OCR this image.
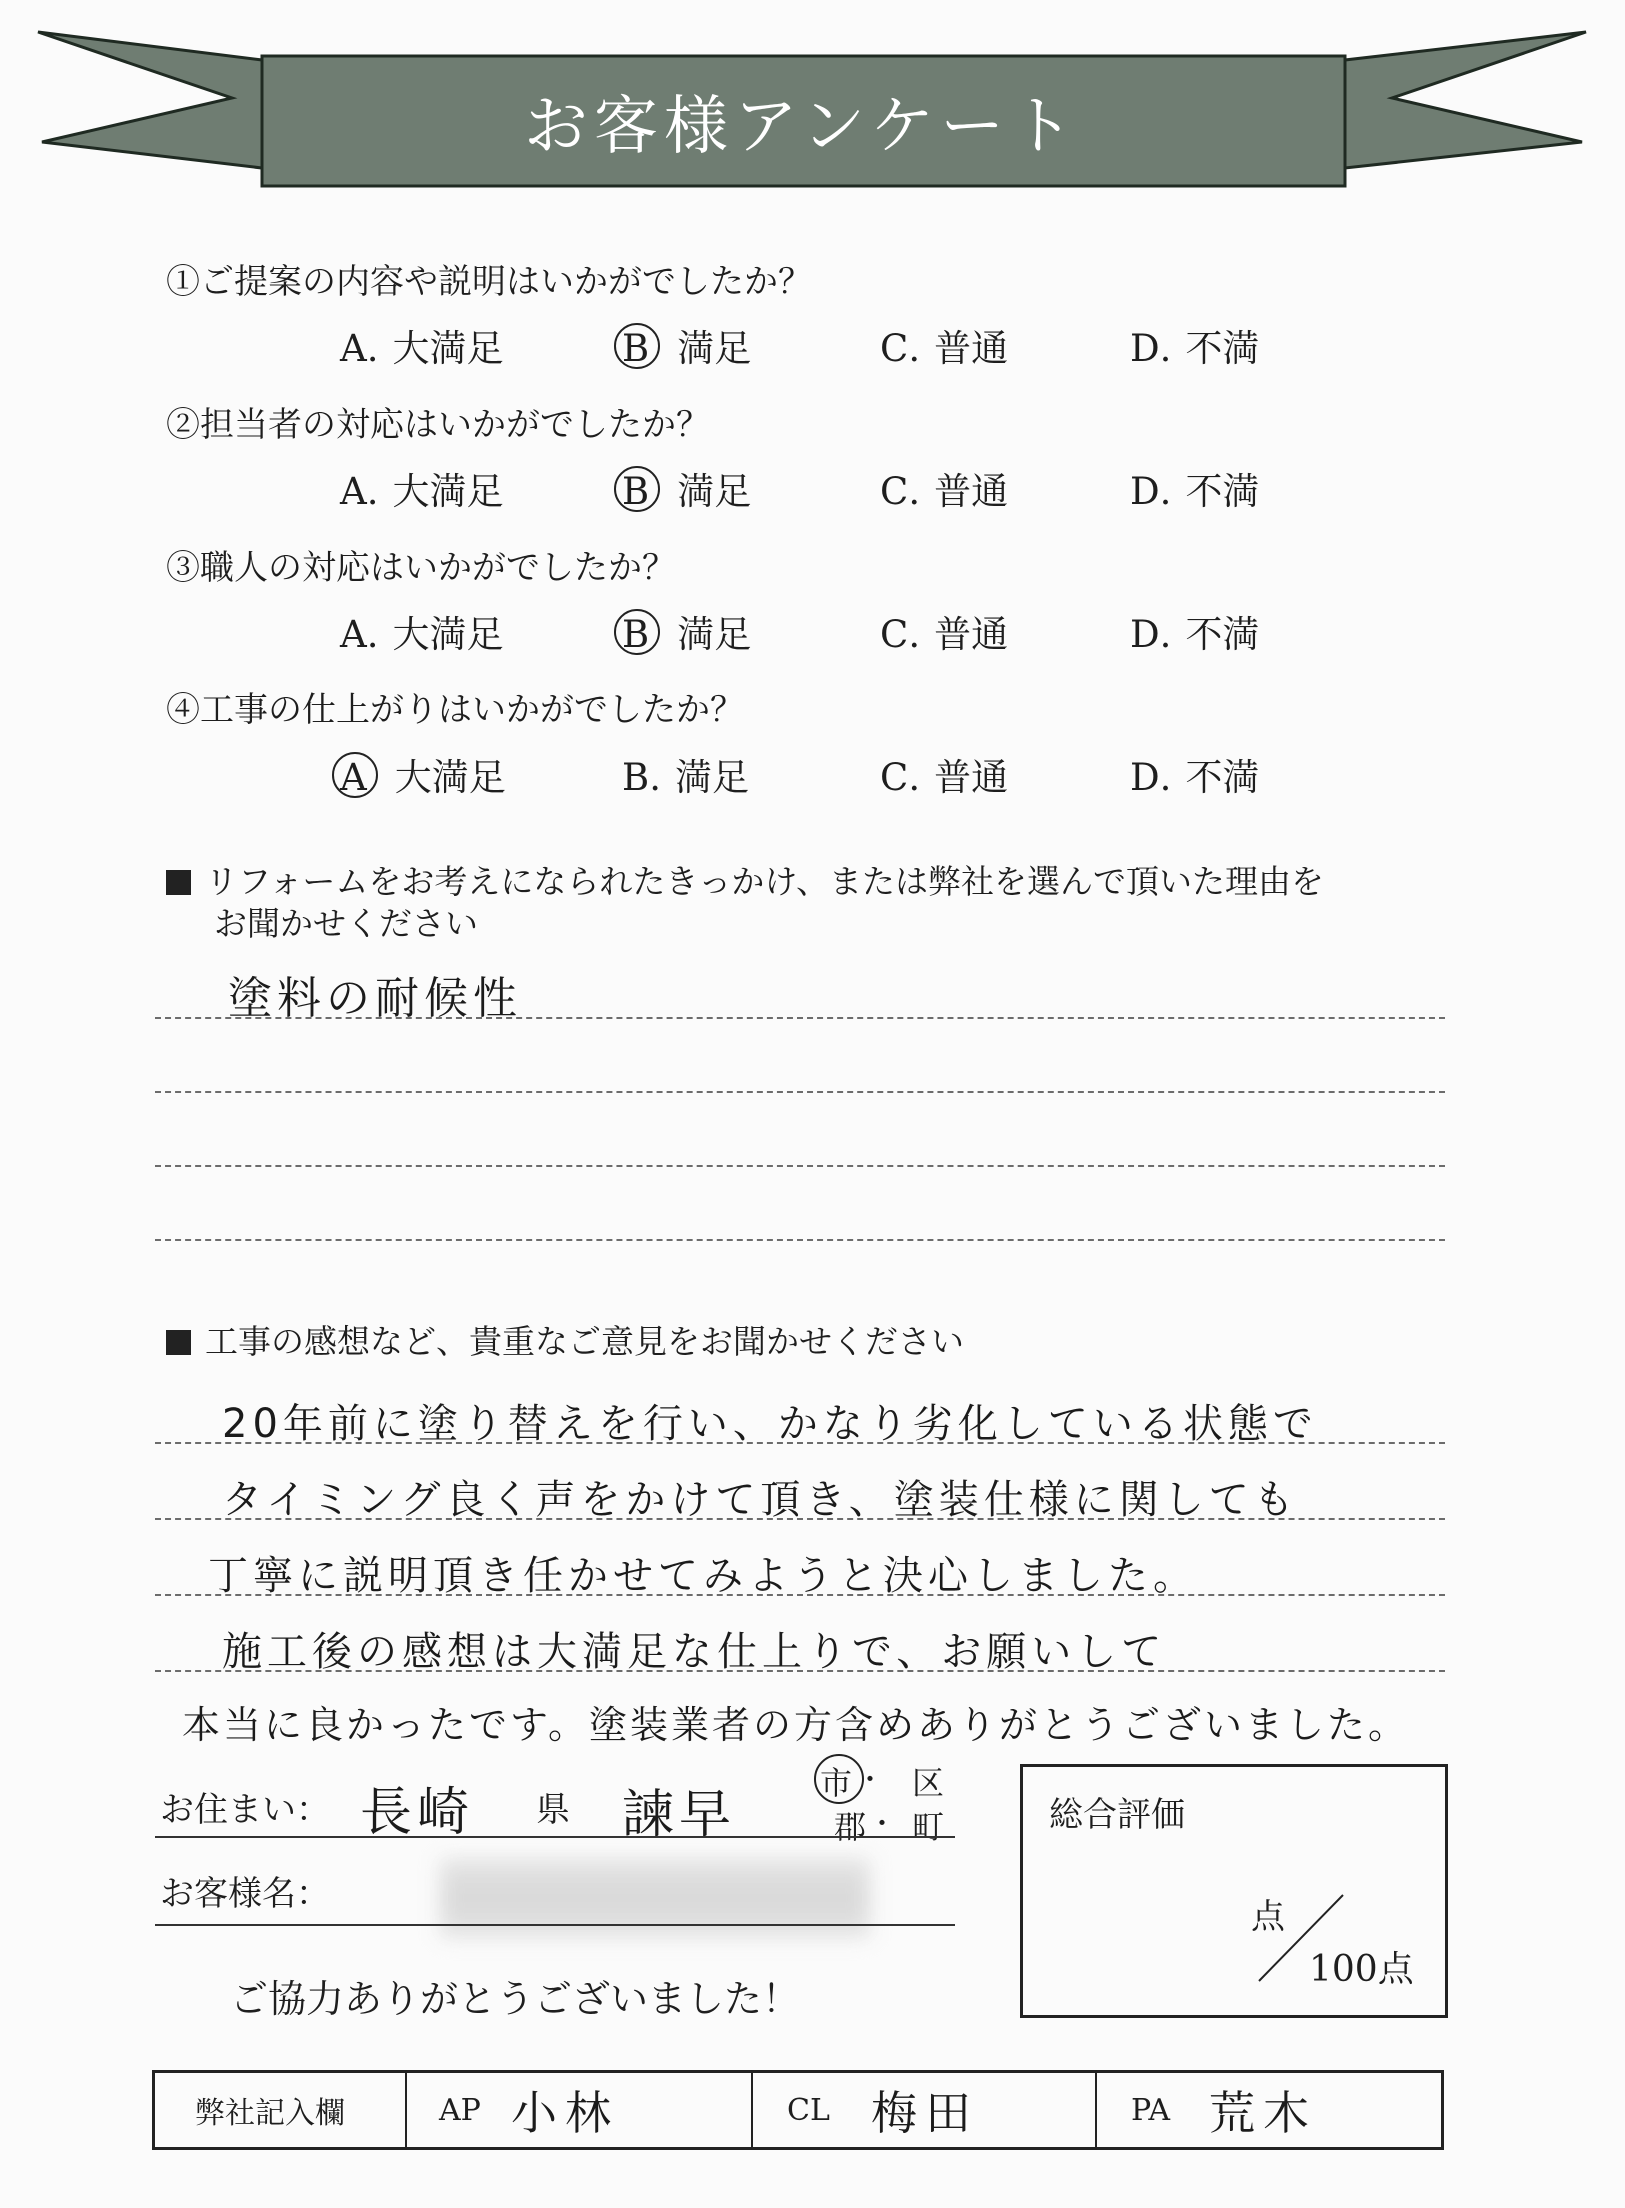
お客様アンケート
①ご提案の内容や説明はいかがでしたか？
A. 大満足	B 満足	C. 普通	D. 不満
②担当者の対応はいかがでしたか？
A. 大満足	B 満足	C. 普通	D. 不満
③職人の対応はいかがでしたか？
A. 大満足	B 満足	C. 普通	D. 不満
④工事の仕上がりはいかがでしたか？
A 大満足	B. 満足	C. 普通	D. 不満
リフォームをお考えになられたきっかけ、または弊社を選んで頂いた理由を
お聞かせください
塗料の耐候性
工事の感想など、貴重なご意見をお聞かせください
20年前に塗り替えを行い、かなり劣化している状態で
タイミング良く声をかけて頂き、塗装仕様に関しても
丁寧に説明頂き任かせてみようと決心しました。
施工後の感想は大満足な仕上りで、お願いして
本当に良かったです。塗装業者の方含めありがとうございました。
お住まい： 長崎 県 諫早
市 ・ 区
郡 ・ 町
お客様名：
ご協力ありがとうございました！
総合評価
点
100点
弊社記入欄	AP 小林	CL 梅田	PA 荒木
